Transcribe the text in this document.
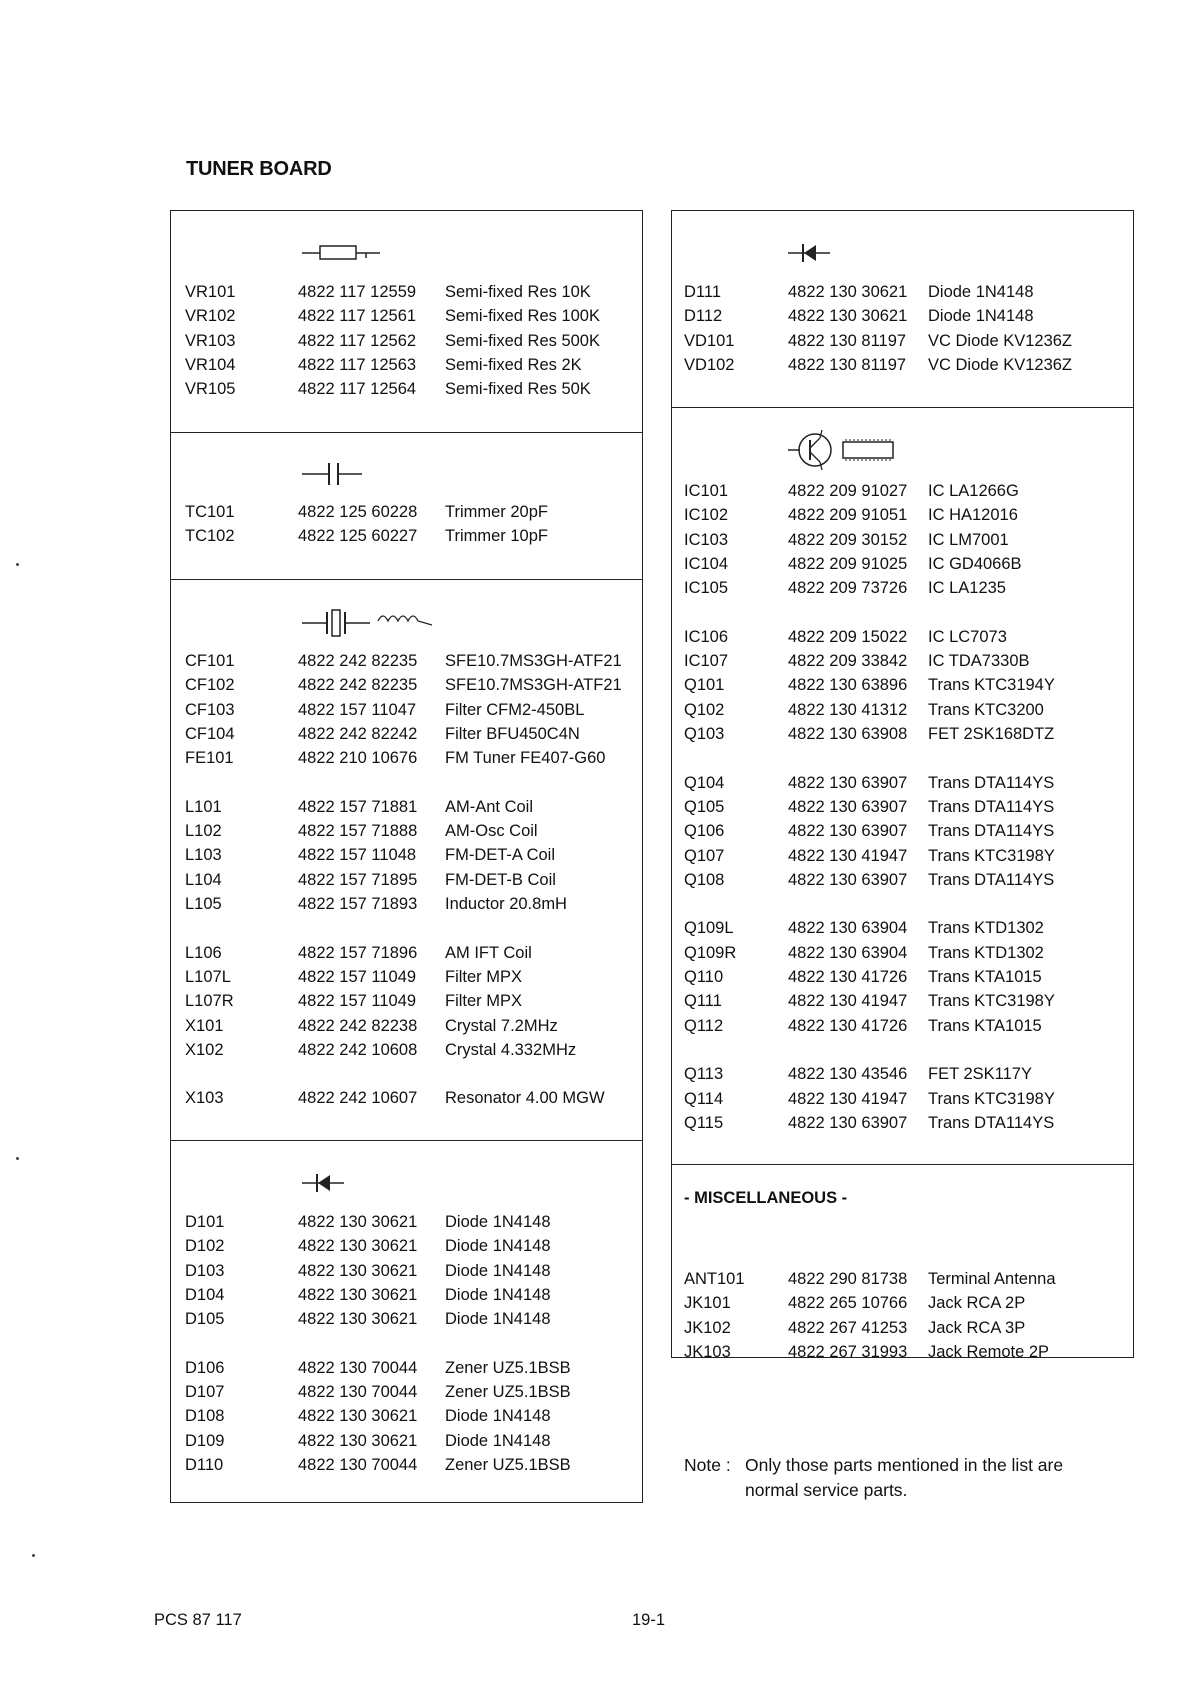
TUNER BOARD
VR101	4822 117 12559 Semi-fixed Res 10K
VR102	4822 117 12561 Semi-fixed Res 100K
VR103	4822 117 12562 Semi-fixed Res 500K
VR104	4822 117 12563 Semi-fixed Res 2K
VR105	4822 117 12564 Semi-fixed Res 50K
TC101	4822 125 60228 Trimmer 20pF
TC102	4822 125 60227 Trimmer 10pF
CF101	4822 242 82235 SFE10.7MS3GH-ATF21
CF102	4822 242 82235 SFE10.7MS3GH-ATF21
CF103	4822 157 11047 Filter CFM2-450BL
CF104	4822 242 82242 Filter BFU450C4N
FE101	4822 210 10676 FM Tuner FE407-G60
L101	4822 157 71881 AM-Ant Coil
L102	4822 157 71888 AM-Osc Coil
L103	4822 157 11048 FM-DET-A Coil
L104	4822 157 71895 FM-DET-B Coil
L105	4822 157 71893 Inductor 20.8mH
L106	4822 157 71896 AM IFT Coil
L107L	4822 157 11049 Filter MPX
L107R	4822 157 11049 Filter MPX
X101	4822 242 82238 Crystal 7.2MHz
X102	4822 242 10608 Crystal 4.332MHz
X103	4822 242 10607 Resonator 4.00 MGW
D101	4822 130 30621 Diode 1N4148
D102	4822 130 30621 Diode 1N4148
D103	4822 130 30621 Diode 1N4148
D104	4822 130 30621 Diode 1N4148
D105	4822 130 30621 Diode 1N4148
D106	4822 130 70044 Zener UZ5.1BSB
D107	4822 130 70044 Zener UZ5.1BSB
D108	4822 130 30621 Diode 1N4148
D109	4822 130 30621 Diode 1N4148
D110	4822 130 70044 Zener UZ5.1BSB
D111	4822 130 30621 Diode 1N4148
D112	4822 130 30621 Diode 1N4148
VD101	4822 130 81197 VC Diode KV1236Z
VD102	4822 130 81197 VC Diode KV1236Z
IC101	4822 209 91027 IC LA1266G
IC102	4822 209 91051 IC HA12016
IC103	4822 209 30152 IC LM7001
IC104	4822 209 91025 IC GD4066B
IC105	4822 209 73726 IC LA1235
IC106	4822 209 15022 IC LC7073
IC107	4822 209 33842 IC TDA7330B
Q101	4822 130 63896 Trans KTC3194Y
Q102	4822 130 41312 Trans KTC3200
Q103	4822 130 63908 FET 2SK168DTZ
Q104	4822 130 63907 Trans DTA114YS
Q105	4822 130 63907 Trans DTA114YS
Q106	4822 130 63907 Trans DTA114YS
Q107	4822 130 41947 Trans KTC3198Y
Q108	4822 130 63907 Trans DTA114YS
Q109L	4822 130 63904 Trans KTD1302
Q109R	4822 130 63904 Trans KTD1302
Q110	4822 130 41726 Trans KTA1015
Q111	4822 130 41947 Trans KTC3198Y
Q112	4822 130 41726 Trans KTA1015
Q113	4822 130 43546 FET 2SK117Y
Q114	4822 130 41947 Trans KTC3198Y
Q115	4822 130 63907 Trans DTA114YS
- MISCELLANEOUS -
ANT101	4822 290 81738 Terminal Antenna
JK101	4822 265 10766 Jack RCA 2P
JK102	4822 267 41253 Jack RCA 3P
JK103	4822 267 31993 Jack Remote 2P
Note : Only those parts mentioned in the list are
normal service parts.
PCS 87 117	19-1
